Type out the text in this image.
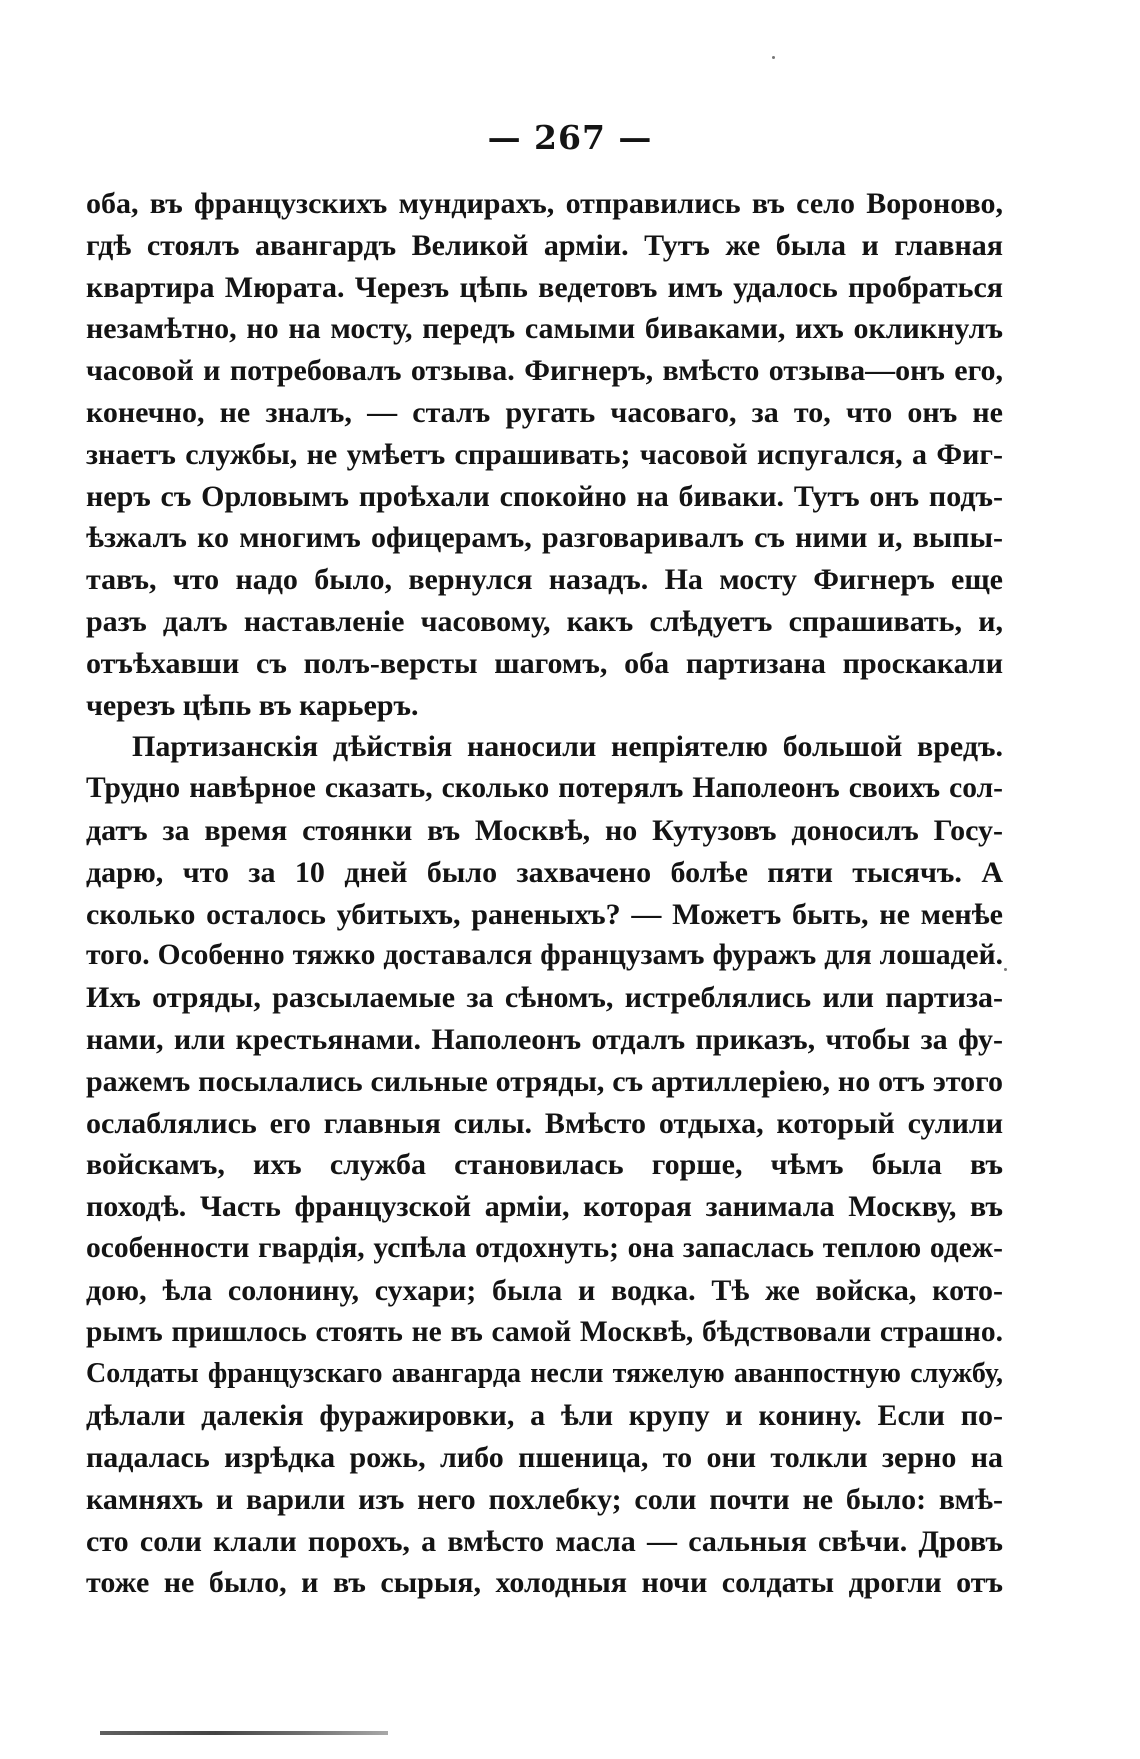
— 267 —
оба, въ французскихъ мундирахъ, отправились въ село Вороново,
гдѣ стоялъ авангардъ Великой арміи. Тутъ же была и главная
квартира Мюрата. Черезъ цѣпь ведетовъ имъ удалось пробраться
незамѣтно, но на мосту, передъ самыми биваками, ихъ окликнулъ
часовой и потребовалъ отзыва. Фигнеръ, вмѣсто отзыва—онъ его,
конечно, не зналъ, — сталъ ругать часоваго, за то, что онъ не
знаетъ службы, не умѣетъ спрашивать; часовой испугался, а Фиг-
неръ съ Орловымъ проѣхали спокойно на биваки. Тутъ онъ подъ-
ѣзжалъ ко многимъ офицерамъ, разговаривалъ съ ними и, выпы-
тавъ, что надо было, вернулся назадъ. На мосту Фигнеръ еще
разъ далъ наставленіе часовому, какъ слѣдуетъ спрашивать, и,
отъѣхавши съ полъ-версты шагомъ, оба партизана проскакали
черезъ цѣпь въ карьеръ.
Партизанскія дѣйствія наносили непріятелю большой вредъ.
Трудно навѣрное сказать, сколько потерялъ Наполеонъ своихъ сол-
датъ за время стоянки въ Москвѣ, но Кутузовъ доносилъ Госу-
дарю, что за 10 дней было захвачено болѣе пяти тысячъ. А
сколько осталось убитыхъ, раненыхъ? — Можетъ быть, не менѣе
того. Особенно тяжко доставался французамъ фуражъ для лошадей.
Ихъ отряды, разсылаемые за сѣномъ, истреблялись или партиза-
нами, или крестьянами. Наполеонъ отдалъ приказъ, чтобы за фу-
ражемъ посылались сильные отряды, съ артиллеріею, но отъ этого
ослаблялись его главныя силы. Вмѣсто отдыха, который сулили
войскамъ, ихъ служба становилась горше, чѣмъ была въ
походѣ. Часть французской арміи, которая занимала Москву, въ
особенности гвардія, успѣла отдохнуть; она запаслась теплою одеж-
дою, ѣла солонину, сухари; была и водка. Тѣ же войска, кото-
рымъ пришлось стоять не въ самой Москвѣ, бѣдствовали страшно.
Солдаты французскаго авангарда несли тяжелую аванпостную службу,
дѣлали далекія фуражировки, а ѣли крупу и конину. Если по-
падалась изрѣдка рожь, либо пшеница, то они толкли зерно на
камняхъ и варили изъ него похлебку; соли почти не было: вмѣ-
сто соли клали порохъ, а вмѣсто масла — сальныя свѣчи. Дровъ
тоже не было, и въ сырыя, холодныя ночи солдаты дрогли отъ
